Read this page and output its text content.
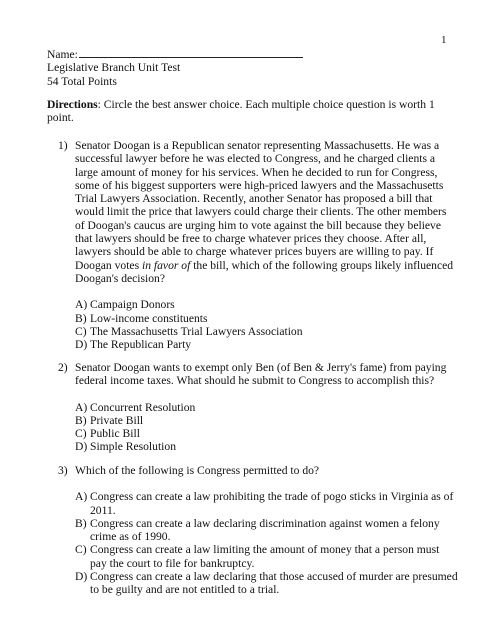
1
Name:
Legislative Branch Unit Test
54 Total Points
Directions: Circle the best answer choice. Each multiple choice question is worth 1 point.
1) Senator Doogan is a Republican senator representing Massachusetts. He was a successful lawyer before he was elected to Congress, and he charged clients a large amount of money for his services. When he decided to run for Congress, some of his biggest supporters were high-priced lawyers and the Massachusetts Trial Lawyers Association. Recently, another Senator has proposed a bill that would limit the price that lawyers could charge their clients. The other members of Doogan's caucus are urging him to vote against the bill because they believe that lawyers should be free to charge whatever prices they choose. After all, lawyers should be able to charge whatever prices buyers are willing to pay. If Doogan votes in favor of the bill, which of the following groups likely influenced Doogan's decision?
A) Campaign Donors
B) Low-income constituents
C) The Massachusetts Trial Lawyers Association
D) The Republican Party
2) Senator Doogan wants to exempt only Ben (of Ben & Jerry's fame) from paying federal income taxes. What should he submit to Congress to accomplish this?
A) Concurrent Resolution
B) Private Bill
C) Public Bill
D) Simple Resolution
3) Which of the following is Congress permitted to do?
A) Congress can create a law prohibiting the trade of pogo sticks in Virginia as of 2011.
B) Congress can create a law declaring discrimination against women a felony crime as of 1990.
C) Congress can create a law limiting the amount of money that a person must pay the court to file for bankruptcy.
D) Congress can create a law declaring that those accused of murder are presumed to be guilty and are not entitled to a trial.
